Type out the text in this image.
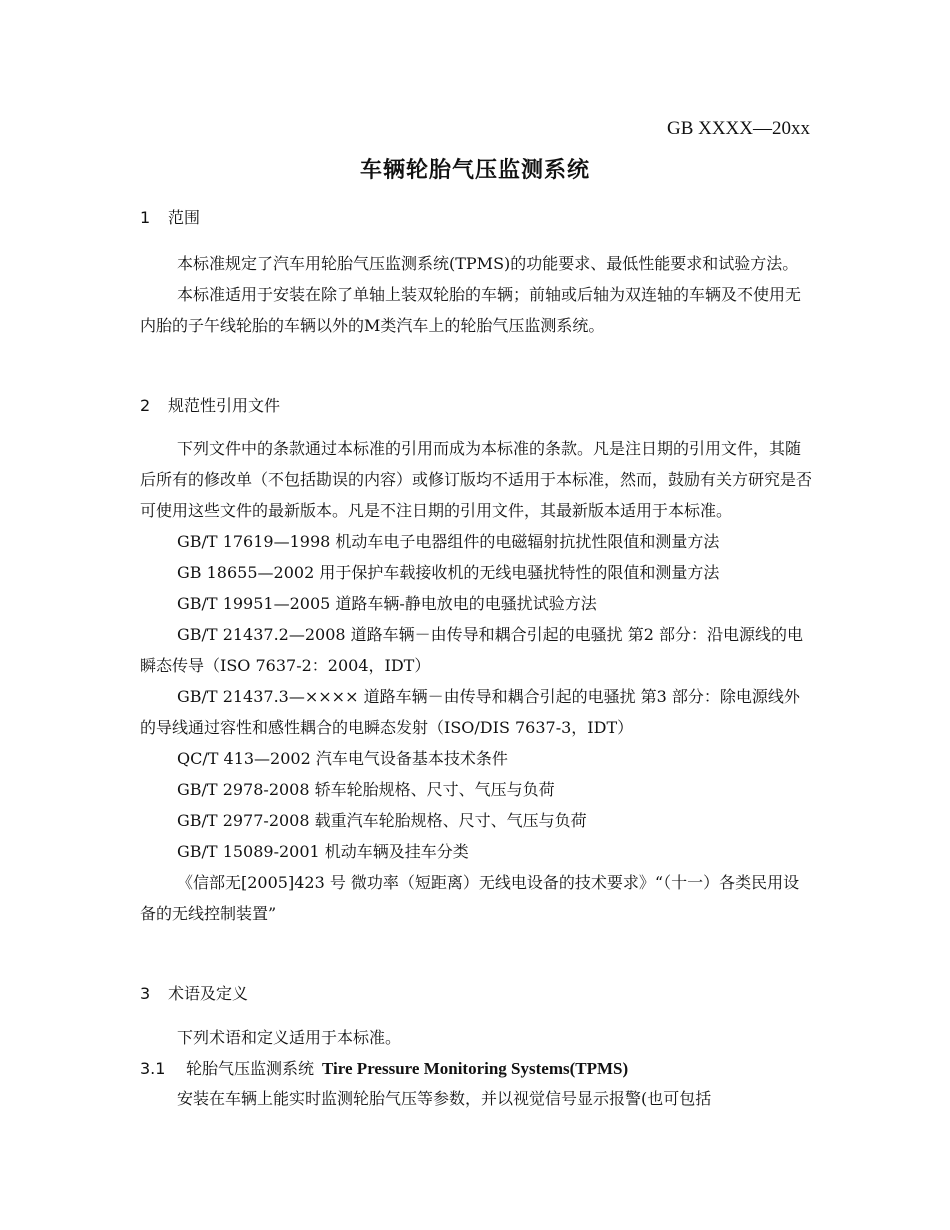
GB XXXX—20xx
车辆轮胎气压监测系统
1 范围
本标准规定了汽车用轮胎气压监测系统(TPMS)的功能要求、最低性能要求和试验方法。
本标准适用于安装在除了单轴上装双轮胎的车辆；前轴或后轴为双连轴的车辆及不使用无内胎的子午线轮胎的车辆以外的M类汽车上的轮胎气压监测系统。
2 规范性引用文件
下列文件中的条款通过本标准的引用而成为本标准的条款。凡是注日期的引用文件，其随后所有的修改单（不包括勘误的内容）或修订版均不适用于本标准，然而，鼓励有关方研究是否可使用这些文件的最新版本。凡是不注日期的引用文件，其最新版本适用于本标准。
GB/T 17619—1998 机动车电子电器组件的电磁辐射抗扰性限值和测量方法
GB 18655—2002 用于保护车载接收机的无线电骚扰特性的限值和测量方法
GB/T 19951—2005 道路车辆-静电放电的电骚扰试验方法
GB/T 21437.2—2008 道路车辆－由传导和耦合引起的电骚扰 第2 部分：沿电源线的电瞬态传导（ISO 7637-2：2004，IDT）
GB/T 21437.3—×××× 道路车辆－由传导和耦合引起的电骚扰 第3 部分：除电源线外的导线通过容性和感性耦合的电瞬态发射（ISO/DIS 7637-3，IDT）
QC/T 413—2002 汽车电气设备基本技术条件
GB/T 2978-2008 轿车轮胎规格、尺寸、气压与负荷
GB/T 2977-2008 载重汽车轮胎规格、尺寸、气压与负荷
GB/T 15089-2001 机动车辆及挂车分类
《信部无[2005]423 号 微功率（短距离）无线电设备的技术要求》“（十一）各类民用设备的无线控制装置”
3 术语及定义
下列术语和定义适用于本标准。
3.1 轮胎气压监测系统 Tire Pressure Monitoring Systems(TPMS)
安装在车辆上能实时监测轮胎气压等参数，并以视觉信号显示报警(也可包括
